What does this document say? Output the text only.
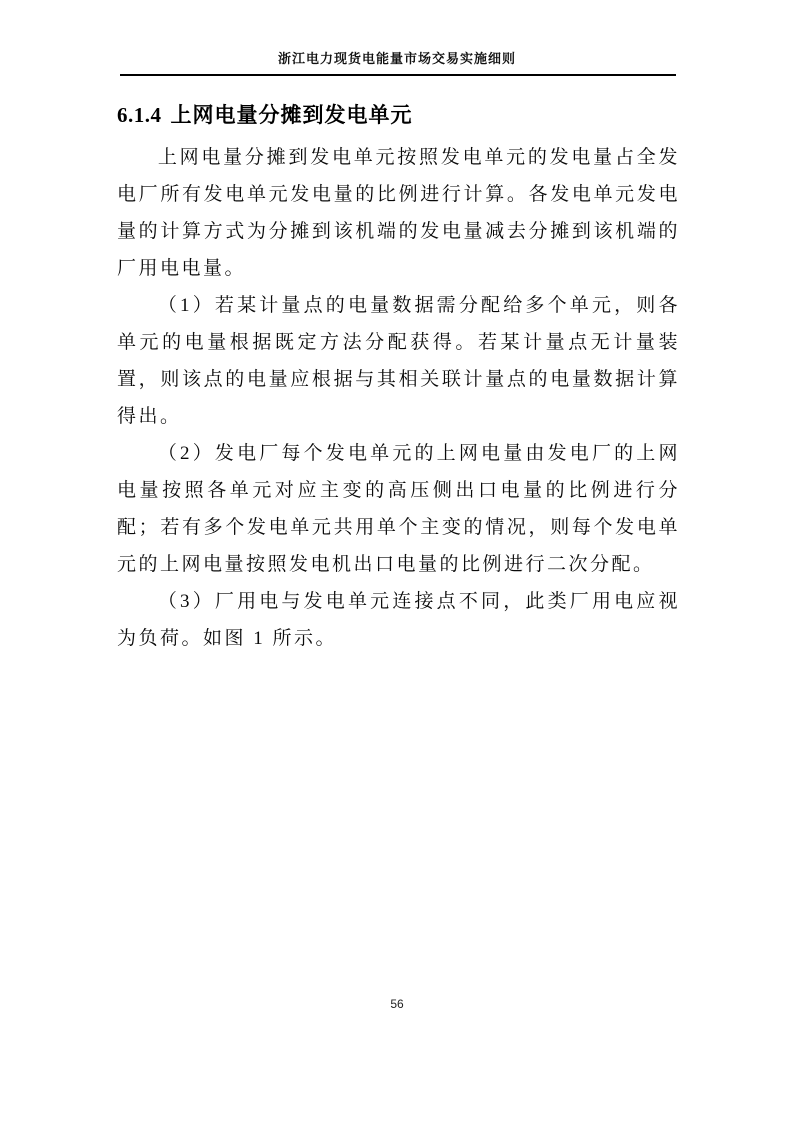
浙江电力现货电能量市场交易实施细则
6.1.4 上网电量分摊到发电单元

上网电量分摊到发电单元按照发电单元的发电量占全发电厂所有发电单元发电量的比例进行计算。各发电单元发电量的计算方式为分摊到该机端的发电量减去分摊到该机端的厂用电电量。

（1）若某计量点的电量数据需分配给多个单元，则各单元的电量根据既定方法分配获得。若某计量点无计量装置，则该点的电量应根据与其相关联计量点的电量数据计算得出。

（2）发电厂每个发电单元的上网电量由发电厂的上网电量按照各单元对应主变的高压侧出口电量的比例进行分配；若有多个发电单元共用单个主变的情况，则每个发电单元的上网电量按照发电机出口电量的比例进行二次分配。

（3）厂用电与发电单元连接点不同，此类厂用电应视为负荷。如图 1 所示。

56
